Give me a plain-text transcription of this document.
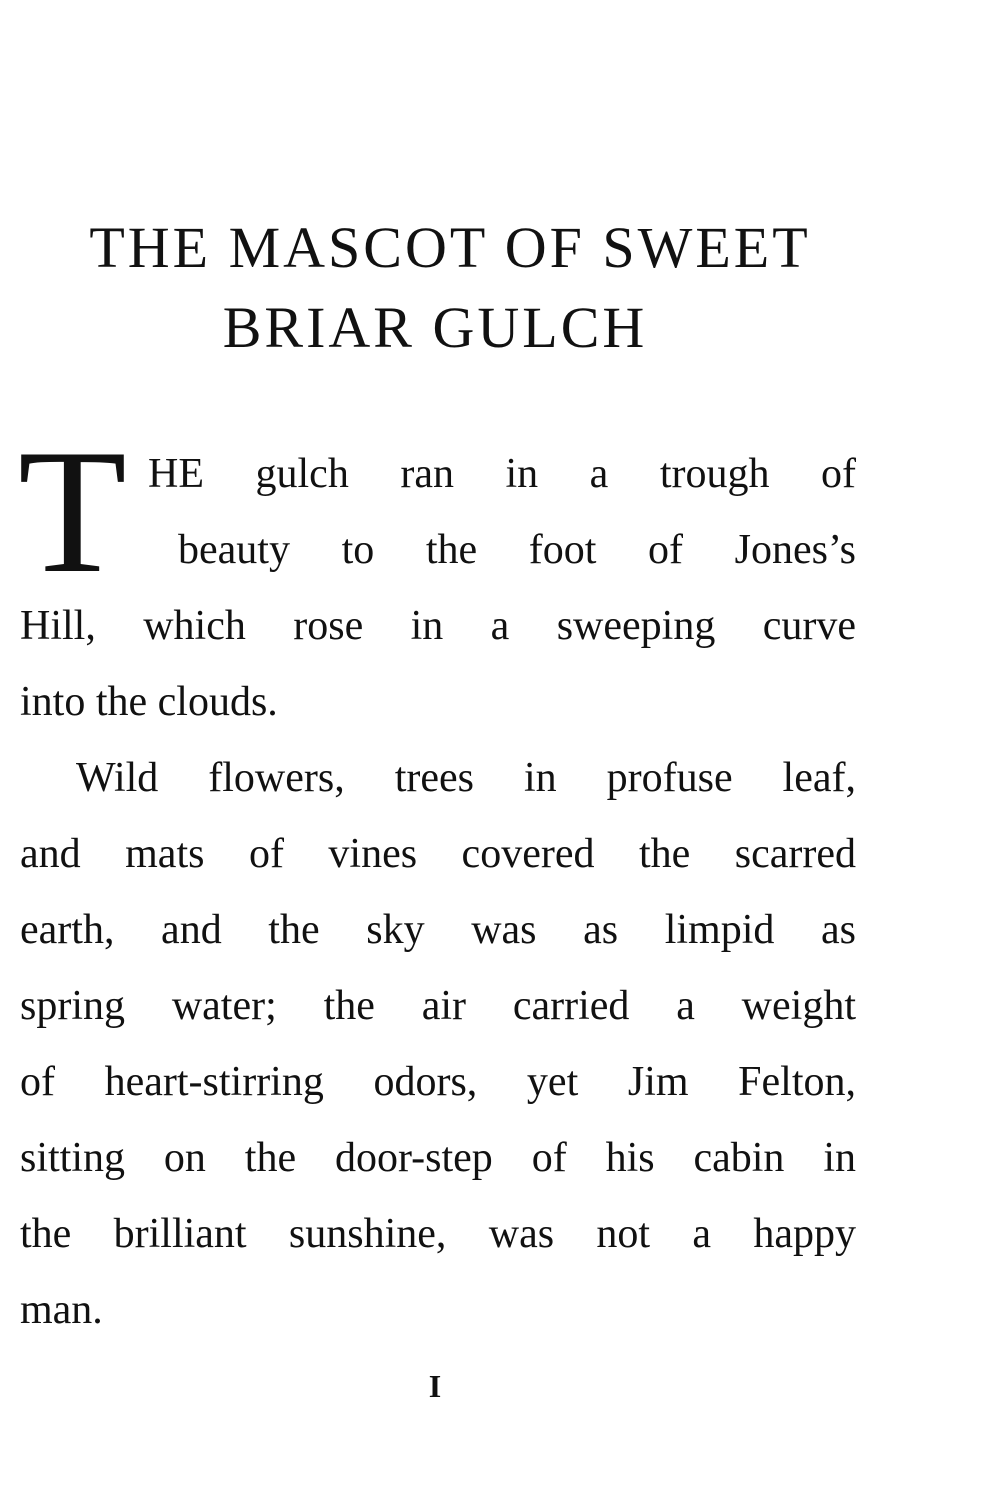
THE MASCOT OF SWEET
BRIAR GULCH
T HE gulch ran in a trough of
beauty to the foot of Jones’s
Hill, which rose in a sweeping curve
into the clouds.
Wild flowers, trees in profuse leaf,
and mats of vines covered the scarred
earth, and the sky was as limpid as
spring water; the air carried a weight
of heart-stirring odors, yet Jim Felton,
sitting on the door-step of his cabin in
the brilliant sunshine, was not a happy
man.
I
